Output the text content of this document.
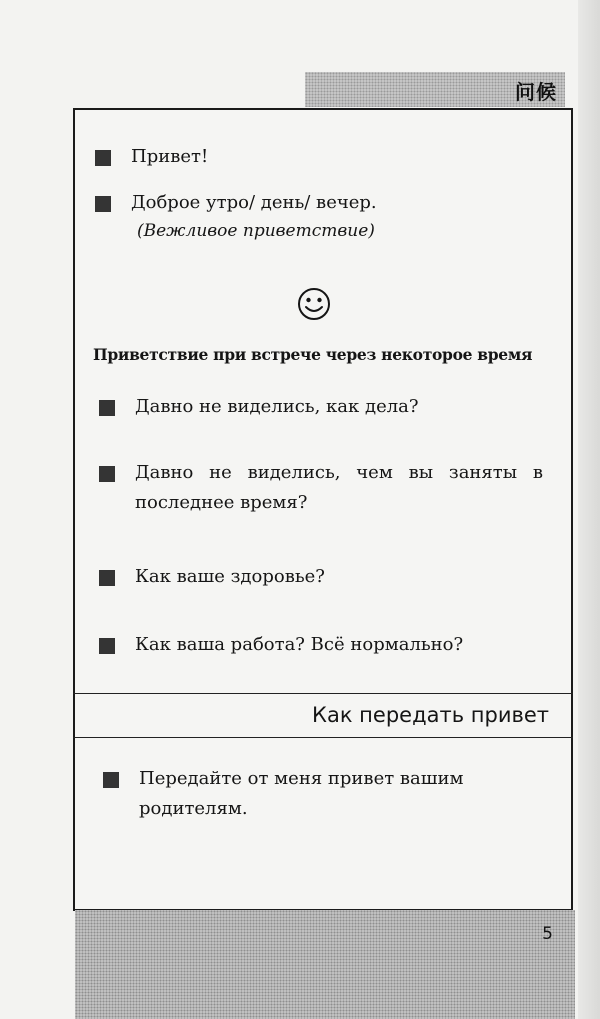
问候
Привет!
Доброе утро/ день/ вечер.
Давно не виделись, как дела?
Давно не виделись, чем вы заняты в последнее время?
Как ваше здоровье?
Как ваша работа? Всё нормально?
Передайте от меня привет вашим родителям.
(Вежливое приветствие)
Приветствие при встрече через некоторое время
Как передать привет
5
